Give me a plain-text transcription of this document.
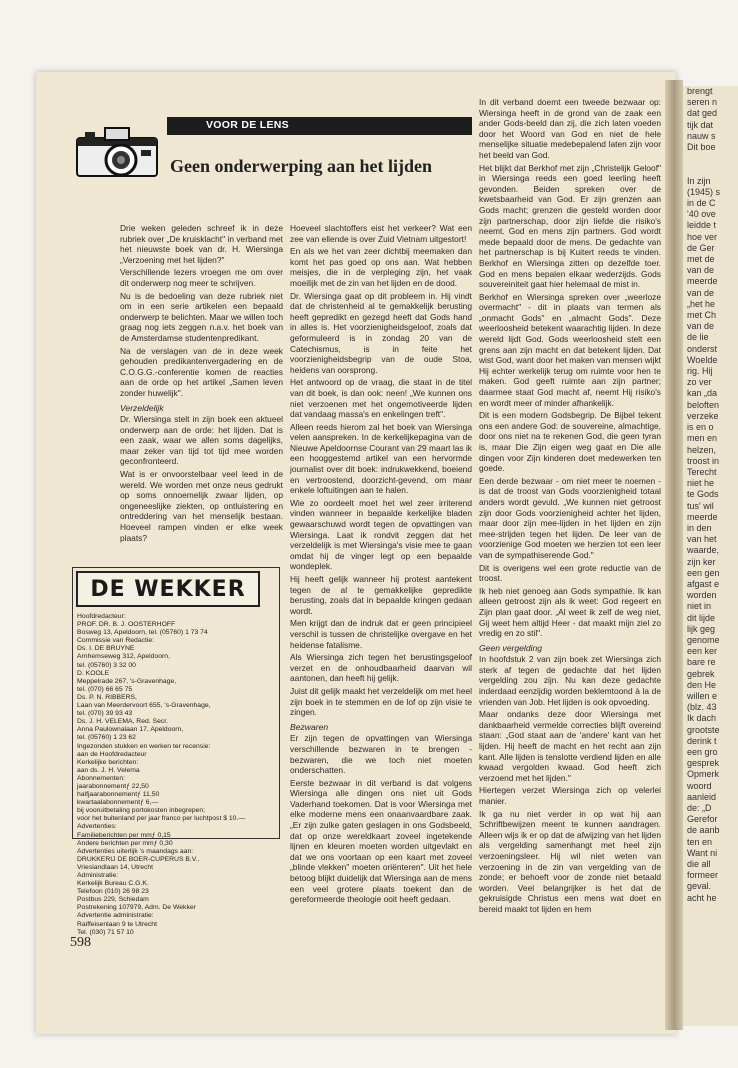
brengt
seren n
dat ged
tijk dat
nauw s
Dit boe

In zijn
(1945) s
in de C
'40 ove
leidde t
hoe ver
de Ger
met de
van de
meerde
van de
„het he
met Ch
van de
de lie
onderst
Woelde
rig. Hij
zo ver
kan „da
beloften
verzeke
is en o
men en
helzen,
troost in
Terecht
niet he
te Gods
tus' wil
meerde
in den
van het
waarde,
zijn ker
een gen
afgast e
worden
niet in
dit lijde
lijk geg
genome
een ker
bare re
gebrek
den He
willen e
(blz. 43
Ik dach
grootste
derink t
een gro
gesprek
Opmerk
woord
aanleid
de: „D
Gerefor
de aanb
ten en
Want ni
die all
formeer
geval.
acht he
VOOR DE LENS
Geen onderwerping aan het lijden

Drie weken geleden schreef ik in deze rubriek over „De kruisklacht" in verband met het nieuwste boek van dr. H. Wiersinga „Verzoening met het lijden?"

Verschillende lezers vroegen me om over dit onderwerp nog meer te schrijven.

Nu is de bedoeling van deze rubriek niet om in een serie artikelen een bepaald onderwerp te belichten. Maar we willen toch graag nog iets zeggen n.a.v. het boek van de Amsterdamse studentenpredikant.

Na de verslagen van de in deze week gehouden predikantenvergadering en de C.O.G.G.-conferentie komen de reacties aan de orde op het artikel „Samen leven zonder huwelijk".

Verzeldelijk

Dr. Wiersinga stelt in zijn boek een aktueel onderwerp aan de orde: het lijden. Dat is een zaak, waar we allen soms dagelijks, maar zeker van tijd tot tijd mee worden geconfronteerd.

Wat is er onvoorstelbaar veel leed in de wereld. We worden met onze neus gedrukt op soms onnoemelijk zwaar lijden, op ongeneeslijke ziekten, op ontluistering en ontreddering van het menselijk bestaan. Hoeveel rampen vinden er elke week plaats?

DE WEKKER
Hoofdredacteur:
PROF. DR. B. J. OOSTERHOFF
Bosweg 13, Apeldoorn, tel. (05760) 1 73 74
Commissie van Redactie:
Ds. I. DE BRUYNE
Arnhemseweg 312, Apeldoorn,
tel. (05760) 3 32 00
D. KOOLE
Meppelrade 267, 's-Gravenhage,
tel. (070) 66 65 75
Ds. P. N. RIBBERS,
Laan van Meerdervoort 655, 's-Gravenhage,
tel. (070) 39 93 43
Ds. J. H. VELEMA, Red. Secr.
Anna Paulownalaan 17, Apeldoorn,
tel. (05760) 1 23 62
Ingezonden stukken en werken ter recensie:
aan de Hoofdredacteur
Kerkelijke berichten:
aan ds. J. H. Velema
Abonnementen:
jaarabonnementƒ 22,50
halfjaarabonnementƒ 11,50
kwartaalabonnementƒ 6,—
bij vooruitbetaling portokosten inbegrepen;
voor het buitenland per jaar franco per luchtpost $ 10.—
Advertenties:
Familieberichten per mmƒ 0,15
Andere berichten per mmƒ 0,30
Advertenties uiterlijk 's maandags aan:
DRUKKERIJ DE BOER-CUPERUS B.V.,
Vrieslandlaan 14, Utrecht
Administratie:
Kerkelijk Bureau C.G.K.
Telefoon (010) 26 98 23
Postbus 229, Schiedam
Postrekening 107979, Adm. De Wekker
Advertentie administratie:
Raiffeisenlaan 9 te Utrecht
Tel. (030) 71 57 10

Hoeveel slachtoffers eist het verkeer? Wat een zee van ellende is over Zuid Vietnam uitgestort!

En als we het van zeer dichtbij meemaken dan komt het pas goed op ons aan. Wat hebben meisjes, die in de verpleging zijn, het vaak moeilijk met de zin van het lijden en de dood.

Dr. Wiersinga gaat op dit probleem in. Hij vindt dat de christenheid al te gemakkelijk berusting heeft gepredikt en gezegd heeft dat Gods hand in alles is. Het voorzienigheidsgeloof, zoals dat geformuleerd is in zondag 20 van de Catechismus, is in feite het voorzienigheidsbegrip van de oude Stoa, heidens van oorsprong.

Het antwoord op de vraag, die staat in de titel van dit boek, is dan ook: neen! „We kunnen ons niet verzoenen met het ongemotiveerde lijden dat vandaag massa's en enkelingen treft".

Alleen reeds hierom zal het boek van Wiersinga velen aanspreken. In de kerkelijkepagina van de Nieuwe Apeldoornse Courant van 29 maart las ik een hooggestemd artikel van een hervormde journalist over dit boek: indrukwekkend, boeiend en vertroostend, doorzicht-gevend, om maar enkele loftuitingen aan te halen.

Wie zo oordeelt moet het wel zeer irriterend vinden wanneer in bepaalde kerkelijke bladen gewaarschuwd wordt tegen de opvattingen van Wiersinga. Laat ik rondvit zeggen dat het verzeldelijk is met Wiersinga's visie mee te gaan omdat hij de vinger legt op een bepaalde wondeplek.

Hij heeft gelijk wanneer hij protest aantekent tegen de al te gemakkelijke gepredikte berusting, zoals dat in bepaalde kringen gedaan wordt.

Men krijgt dan de indruk dat er geen principieel verschil is tussen de christelijke overgave en het heidense fatalisme.

Als Wiersinga zich tegen het berustingsgeloof verzet en de onhoudbaarheid daarvan wil aantonen, dan heeft hij gelijk.

Juist dit gelijk maakt het verzeldelijk om met heel zijn boek in te stemmen en de lof op zijn visie te zingen.

Bezwaren

Er zijn tegen de opvattingen van Wiersinga verschillende bezwaren in te brengen - bezwaren, die we toch niet moeten onderschatten.

Eerste bezwaar in dit verband is dat volgens Wiersinga alle dingen ons niet uit Gods Vaderhand toekomen. Dat is voor Wiersinga met elke moderne mens een onaanvaardbare zaak. „Er zijn zulke gaten geslagen in ons Godsbeeld, dat op onze wereldkaart zoveel ingetekende lijnen en kleuren moeten worden uitgevlakt en dat we ons voortaan op een kaart met zoveel „blinde vlekken" moeten oriënteren". Uit het hele betoog blijkt duidelijk dat Wiersinga aan de mens een veel grotere plaats toekent dan de gereformeerde theologie ooit heeft gedaan.

In dit verband doemt een tweede bezwaar op: Wiersinga heeft in de grond van de zaak een ander Gods-beeld dan zij, die zich laten voeden door het Woord van God en niet de hele menselijke situatie medebepalend laten zijn voor het beeld van God.

Het blijkt dat Berkhof met zijn „Christelijk Geloof" in Wiersinga reeds een goed leerling heeft gevonden. Beiden spreken over de kwetsbaarheid van God. Er zijn grenzen aan Gods macht; grenzen die gesteld worden door zijn partnerschap, door zijn liefde die risiko's neemt. God en mens zijn partners. God wordt mede bepaald door de mens. De gedachte van het partnerschap is bij Kuitert reeds te vinden. Berkhof en Wiersinga zitten op dezelfde toer. God en mens bepalen elkaar wederzijds. Gods souvereiniteit gaat hier helemaal de mist in.

Berkhof en Wiersinga spreken over „weerloze overmacht" - dit in plaats van termen als „onmacht Gods" en „almacht Gods". Deze weerloosheid betekent waarachtig lijden. In deze wereld lijdt God. Gods weerloosheid stelt een grens aan zijn macht en dat betekent lijden. Dat wist God, want door het maken van mensen wijkt Hij echter werkelijk terug om ruimte voor hen te maken. God geeft ruimte aan zijn partner; daarmee staat God macht af, neemt Hij risiko's en wordt meer of minder afhankelijk.

Dit is een modern Godsbegrip. De Bijbel tekent ons een andere God: de souvereine, almachtige, door ons niet na te rekenen God, die geen tyran is, maar Die Zijn eigen weg gaat en Die alle dingen voor Zijn kinderen doet medewerken ten goede.

Een derde bezwaar - om niet meer te noemen - is dat de troost van Gods voorzienigheid totaal anders wordt gevuld. „We kunnen niet getroost zijn door Gods voorzienigheid achter het lijden, maar door zijn mee-lijden in het lijden en zijn mee-strijden tegen het lijden. De leer van de voorzienige God moeten we herzien tot een leer van de sympathiserende God."

Dit is overigens wel een grote reductie van de troost.

Ik heb niet genoeg aan Gods sympathie. Ik kan alleen getroost zijn als ik weet: God regeert en Zijn plan gaat door. „Al weet ik zelf de weg niet, Gij weet hem altijd Heer - dat maakt mijn ziel zo vredig en zo stil".

Geen vergelding

In hoofdstuk 2 van zijn boek zet Wiersinga zich sterk af tegen de gedachte dat het lijden vergelding zou zijn. Nu kan deze gedachte inderdaad eenzijdig worden beklemtoond à la de vrienden van Job. Het lijden is ook opvoeding.

Maar ondanks deze door Wiersinga met dankbaarheid vermelde correcties blijft overeind staan: „God staat aan de 'andere' kant van het lijden. Hij heeft de macht en het recht aan zijn kant. Alle lijden is tenslotte verdiend lijden en alle kwaad vergolden kwaad. God heeft zich verzoend met het lijden."

Hiertegen verzet Wiersinga zich op velerlei manier.

Ik ga nu niet verder in op wat hij aan Schriftbewijzen meent te kunnen aandragen. Alleen wijs ik er op dat de afwijzing van het lijden als vergelding samenhangt met heel zijn verzoeningsleer. Hij wil niet weten van verzoening in de zin van vergelding van de zonde; er behoeft voor de zonde niet betaald worden. Veel belangrijker is het dat de gekruisigde Christus een mens wat doet en bereid maakt tot lijden en hem

598
